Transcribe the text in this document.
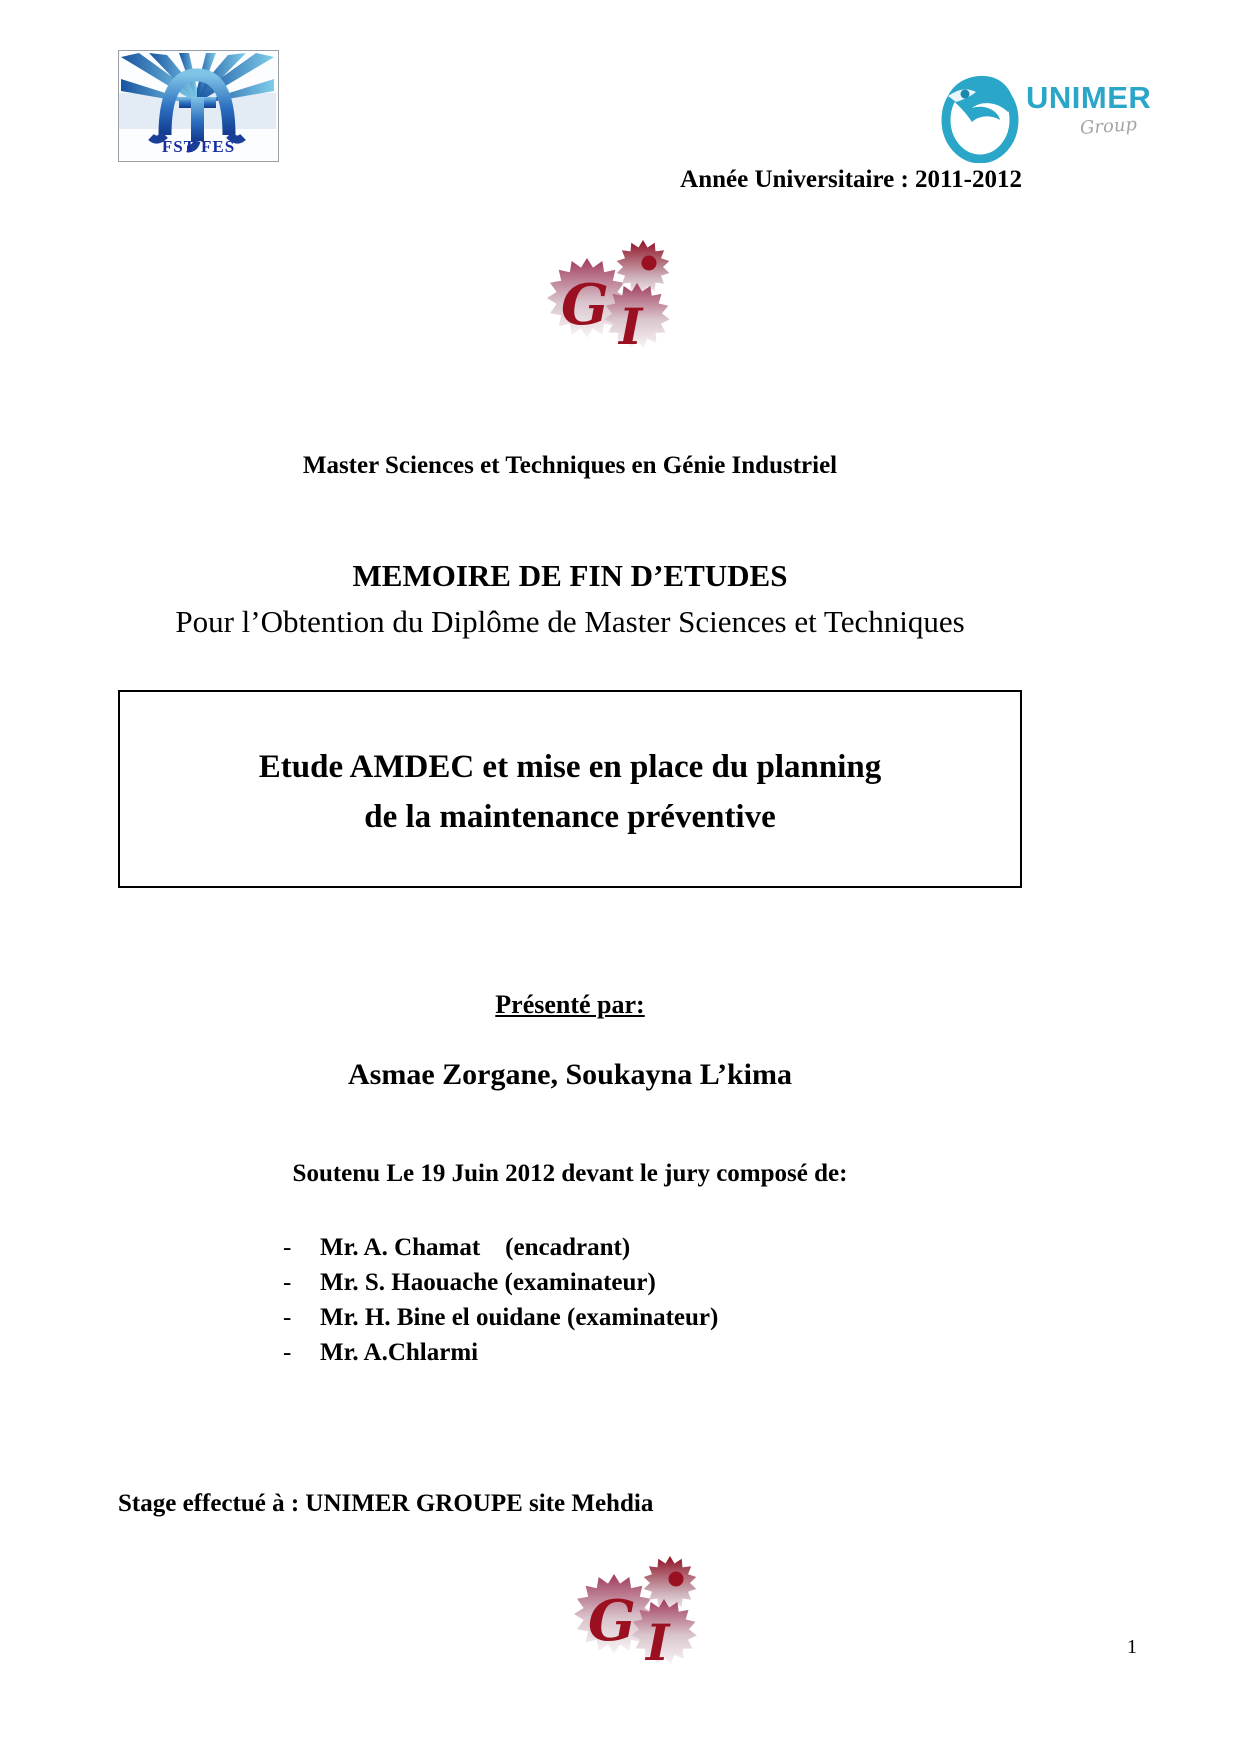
FST FES
UNIMER
Group
Année Universitaire : 2011-2012
G I
Master Sciences et Techniques en Génie Industriel
MEMOIRE DE FIN D’ETUDES
Pour l’Obtention du Diplôme de Master Sciences et Techniques
Etude AMDEC et mise en place du planning
de la maintenance préventive
Présenté par:
Asmae Zorgane, Soukayna L’kima
Soutenu Le 19 Juin 2012 devant le jury composé de:
-	Mr. A. Chamat    (encadrant)
-	Mr. S. Haouache (examinateur)
-	Mr. H. Bine el ouidane (examinateur)
-	Mr. A.Chlarmi
Stage effectué à : UNIMER GROUPE site Mehdia
G I	1
